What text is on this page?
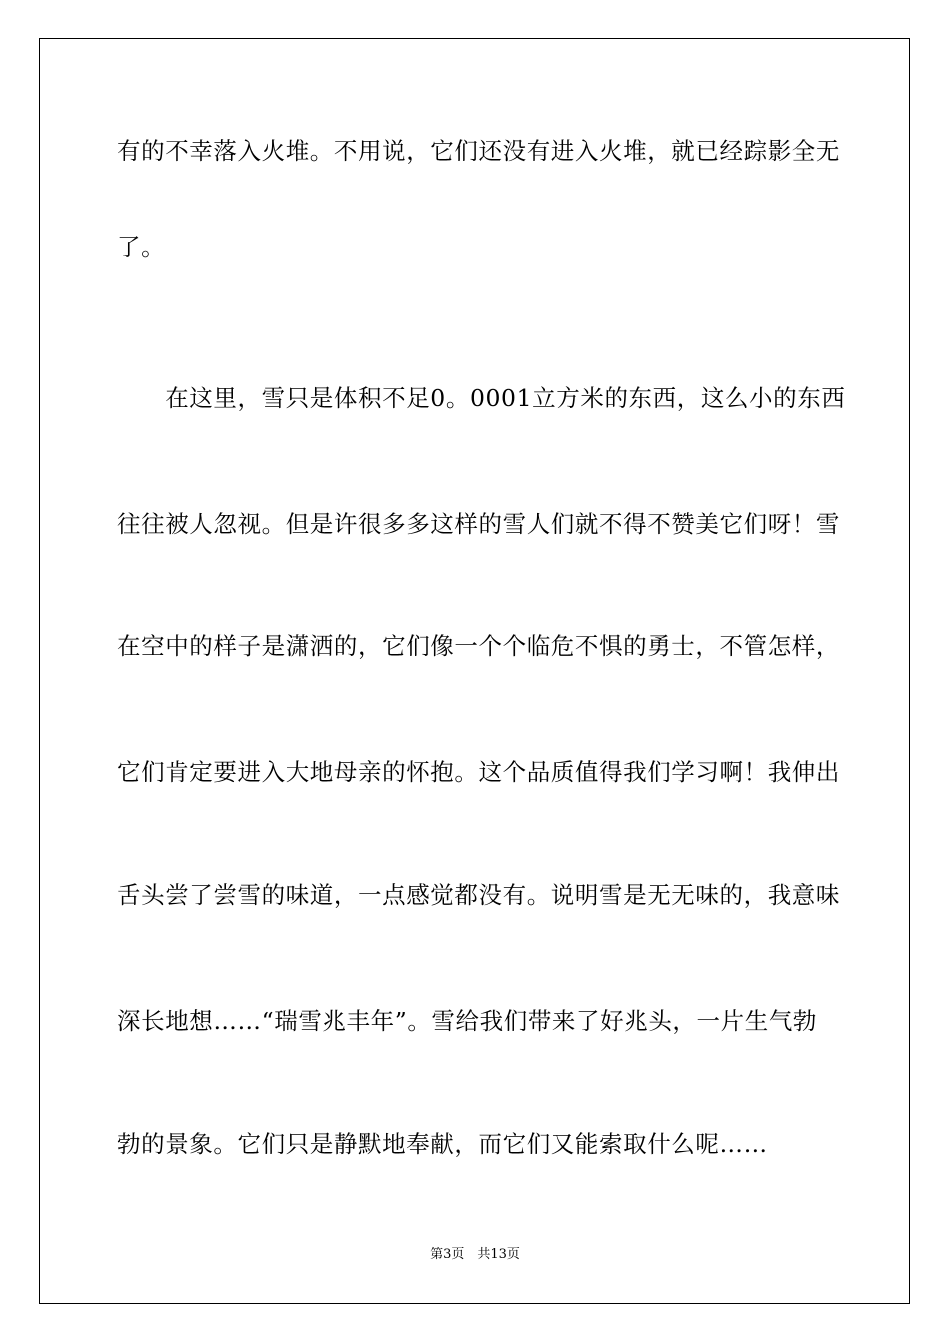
有的不幸落入火堆。不用说，它们还没有进入火堆，就已经踪影全无
了。
　　在这里，雪只是体积不足0。0001立方米的东西，这么小的东西
往往被人忽视。但是许很多多这样的雪人们就不得不赞美它们呀！雪
在空中的样子是潇洒的，它们像一个个临危不惧的勇士，不管怎样，
它们肯定要进入大地母亲的怀抱。这个品质值得我们学习啊！我伸出
舌头尝了尝雪的味道，一点感觉都没有。说明雪是无无味的，我意味
深长地想……“瑞雪兆丰年”。雪给我们带来了好兆头，一片生气勃
勃的景象。它们只是静默地奉献，而它们又能索取什么呢……
第3页　共13页
